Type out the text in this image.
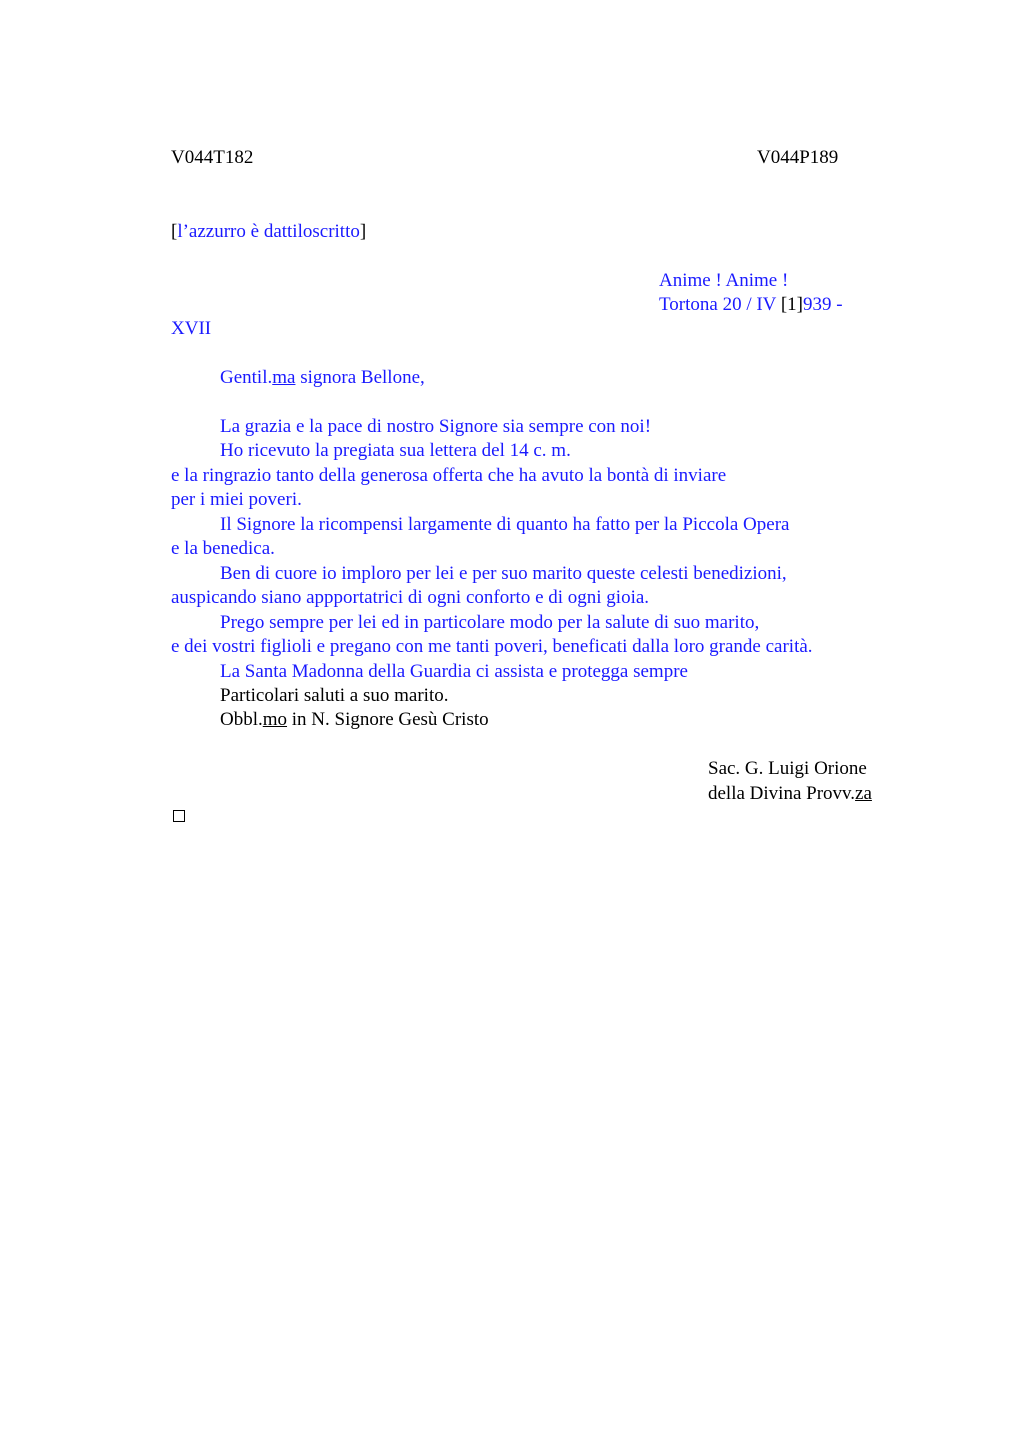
V044T182	V044P189
[l’azzurro è dattiloscritto]
Anime ! Anime !
Tortona 20 / IV [1]939 -
XVII
Gentil.ma signora Bellone,
La grazia e la pace di nostro Signore sia sempre con noi!
Ho ricevuto la pregiata sua lettera del 14 c. m.
e la ringrazio tanto della generosa offerta che ha avuto la bontà di inviare
per i miei poveri.
Il Signore la ricompensi largamente di quanto ha fatto per la Piccola Opera
e la benedica.
Ben di cuore io imploro per lei e per suo marito queste celesti benedizioni,
auspicando siano appportatrici di ogni conforto e di ogni gioia.
Prego sempre per lei ed in particolare modo per la salute di suo marito,
e dei vostri figlioli e pregano con me tanti poveri, beneficati dalla loro grande carità.
La Santa Madonna della Guardia ci assista e protegga sempre
Particolari saluti a suo marito.
Obbl.mo in N. Signore Gesù Cristo
Sac. G. Luigi Orione
della Divina Provv.za
